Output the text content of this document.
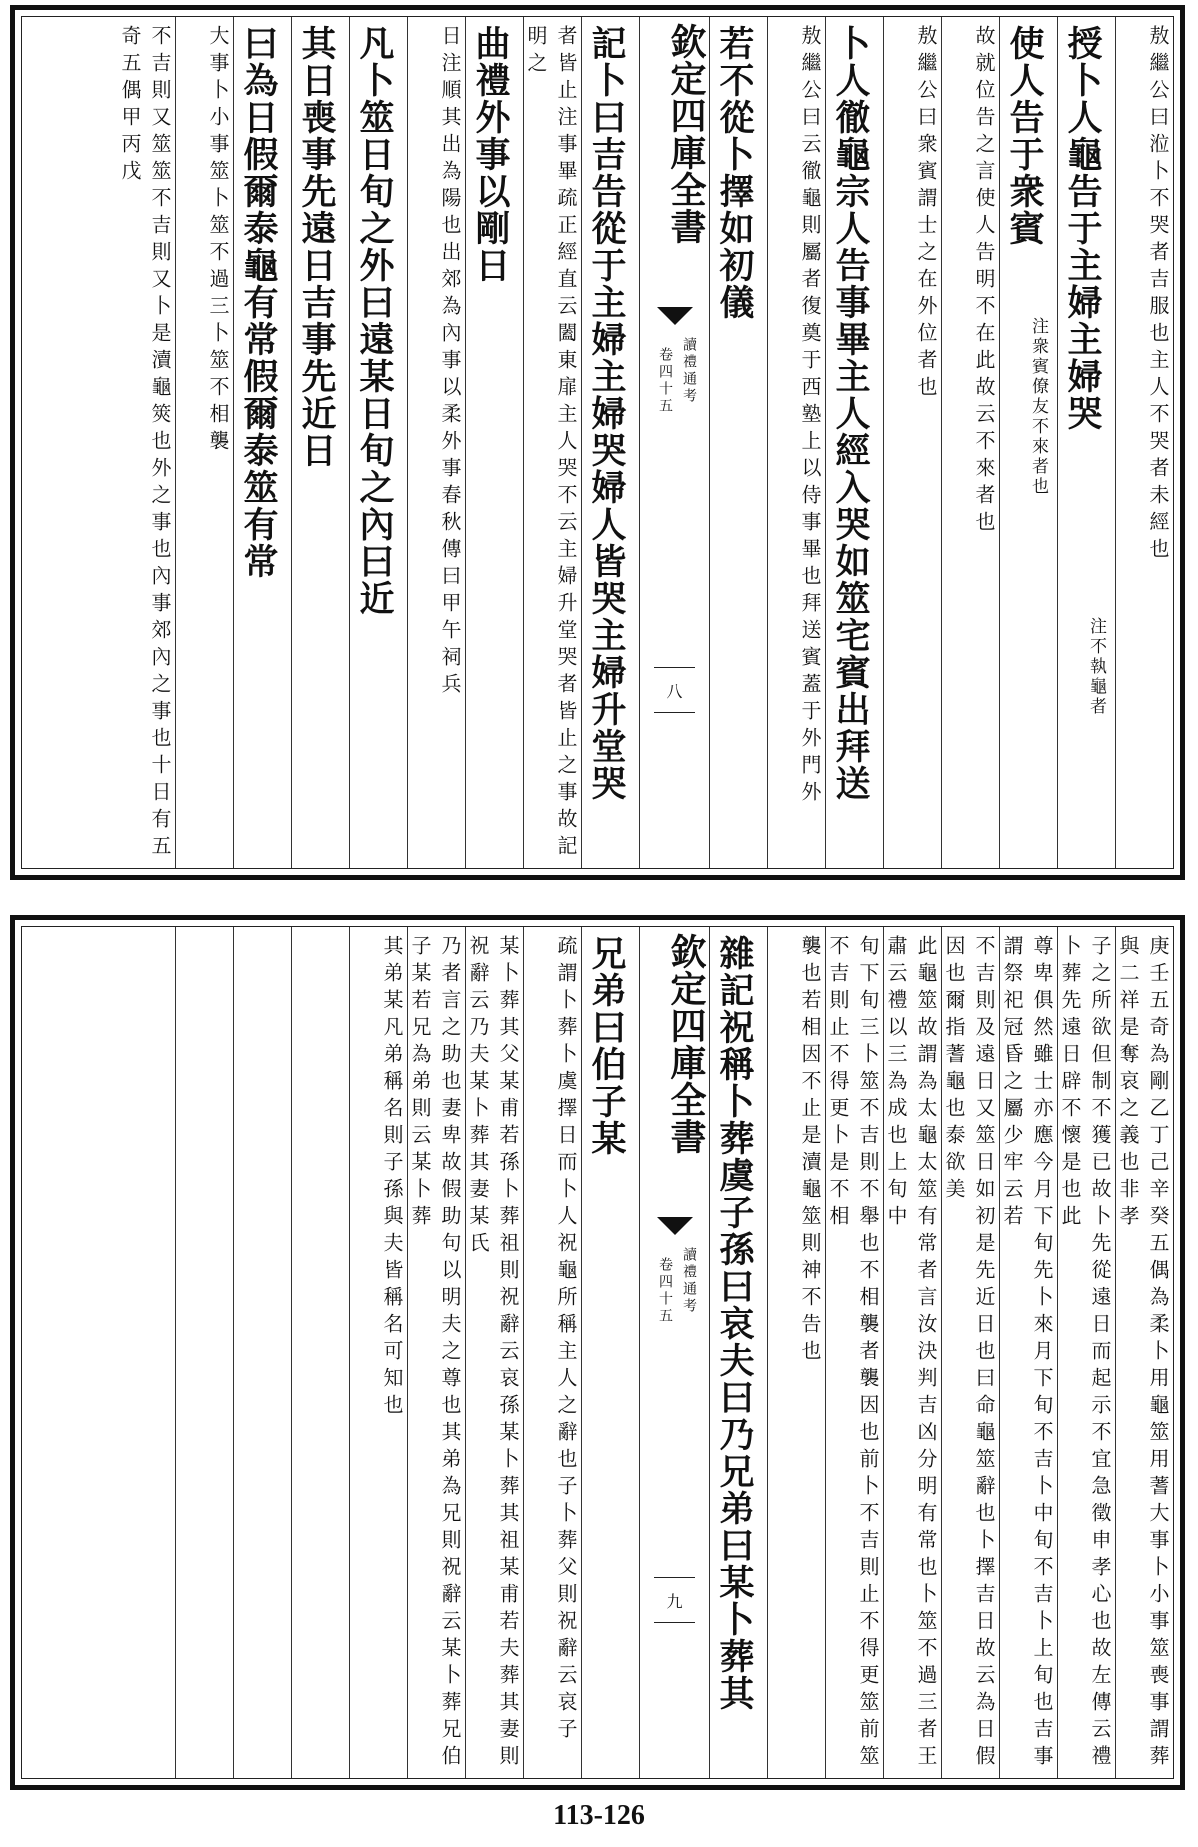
敖繼公曰涖卜不哭者吉服也主人不哭者未經也
授卜人龜告于主婦主婦哭
注不執龜者
使人告于衆賓
注衆賓僚友不來者也
故就位告之言使人告明不在此故云不來者也
敖繼公曰衆賓謂士之在外位者也
卜人徹龜宗人告事畢主人經入哭如筮宅賓出拜送
敖繼公曰云徹龜則屬者復奠于西塾上以侍事畢也拜送賓蓋于外門外
若不從卜擇如初儀
欽定四庫全書
讀禮通考
卷四十五
八
記卜曰吉告從于主婦主婦哭婦人皆哭主婦升堂哭
者皆止注事畢疏正經直云闔東扉主人哭不云主婦升堂哭者皆止之事故記明之
曲禮外事以剛日
日注順其出為陽也出郊為內事以柔外事春秋傳曰甲午祠兵
凡卜筮日旬之外曰遠某日旬之內曰近
其日喪事先遠日吉事先近日
曰為日假爾泰龜有常假爾泰筮有常
大事卜小事筮卜筮不過三卜筮不相襲
不吉則又筮筮不吉則又卜是瀆龜筴也外之事也內事郊內之事也十日有五奇五偶甲丙戊
庚壬五奇為剛乙丁己辛癸五偶為柔卜用龜筮用蓍大事卜小事筮喪事謂葬與二祥是奪哀之義也非孝
子之所欲但制不獲已故卜先從遠日而起示不宜急徵申孝心也故左傳云禮卜葬先遠日辟不懷是也此
尊卑俱然雖士亦應今月下旬先卜來月下旬不吉卜中旬不吉卜上旬也吉事謂祭祀冠昏之屬少牢云若
不吉則及遠日又筮日如初是先近日也曰命龜筮辭也卜擇吉日故云為日假因也爾指蓍龜也泰欲美
此龜筮故謂為太龜太筮有常者言汝決判吉凶分明有常也卜筮不過三者王肅云禮以三為成也上旬中
旬下旬三卜筮不吉則不舉也不相襲者襲因也前卜不吉則止不得更筮前筮不吉則止不得更卜是不相
襲也若相因不止是瀆龜筮則神不告也
雜記祝稱卜葬虞子孫曰哀夫曰乃兄弟曰某卜葬其
欽定四庫全書
讀禮通考
卷四十五
九
兄弟曰伯子某
疏謂卜葬卜虞擇日而卜人祝龜所稱主人之辭也子卜葬父則祝辭云哀子
某卜葬其父某甫若孫卜葬祖則祝辭云哀孫某卜葬其祖某甫若夫葬其妻則祝辭云乃夫某卜葬其妻某氏
乃者言之助也妻卑故假助句以明夫之尊也其弟為兄則祝辭云某卜葬兄伯子某若兄為弟則云某卜葬
其弟某凡弟稱名則子孫與夫皆稱名可知也
113-126
